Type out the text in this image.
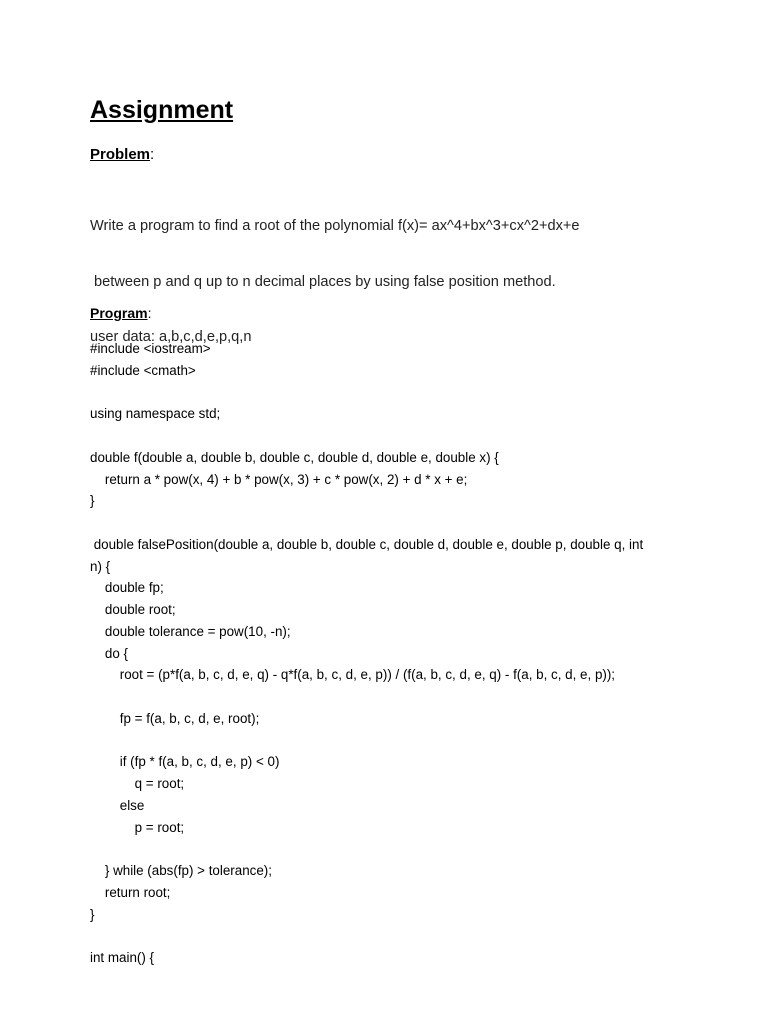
Assignment
Problem:

Write a program to find a root of the polynomial f(x)= ax^4+bx^3+cx^2+dx+e

between p and q up to n decimal places by using false position method.

user data: a,b,c,d,e,p,q,n

Program:
#include <iostream>
#include <cmath>
using namespace std;
double f(double a, double b, double c, double d, double e, double x) {
return a * pow(x, 4) + b * pow(x, 3) + c * pow(x, 2) + d * x + e;
}
double falsePosition(double a, double b, double c, double d, double e, double p, double q, int
n) {
double fp;
double root;
double tolerance = pow(10, -n);
do {
root = (p*f(a, b, c, d, e, q) - q*f(a, b, c, d, e, p)) / (f(a, b, c, d, e, q) - f(a, b, c, d, e, p));
fp = f(a, b, c, d, e, root);
if (fp * f(a, b, c, d, e, p) < 0)
q = root;
else
p = root;
} while (abs(fp) > tolerance);
return root;
}
int main() {
